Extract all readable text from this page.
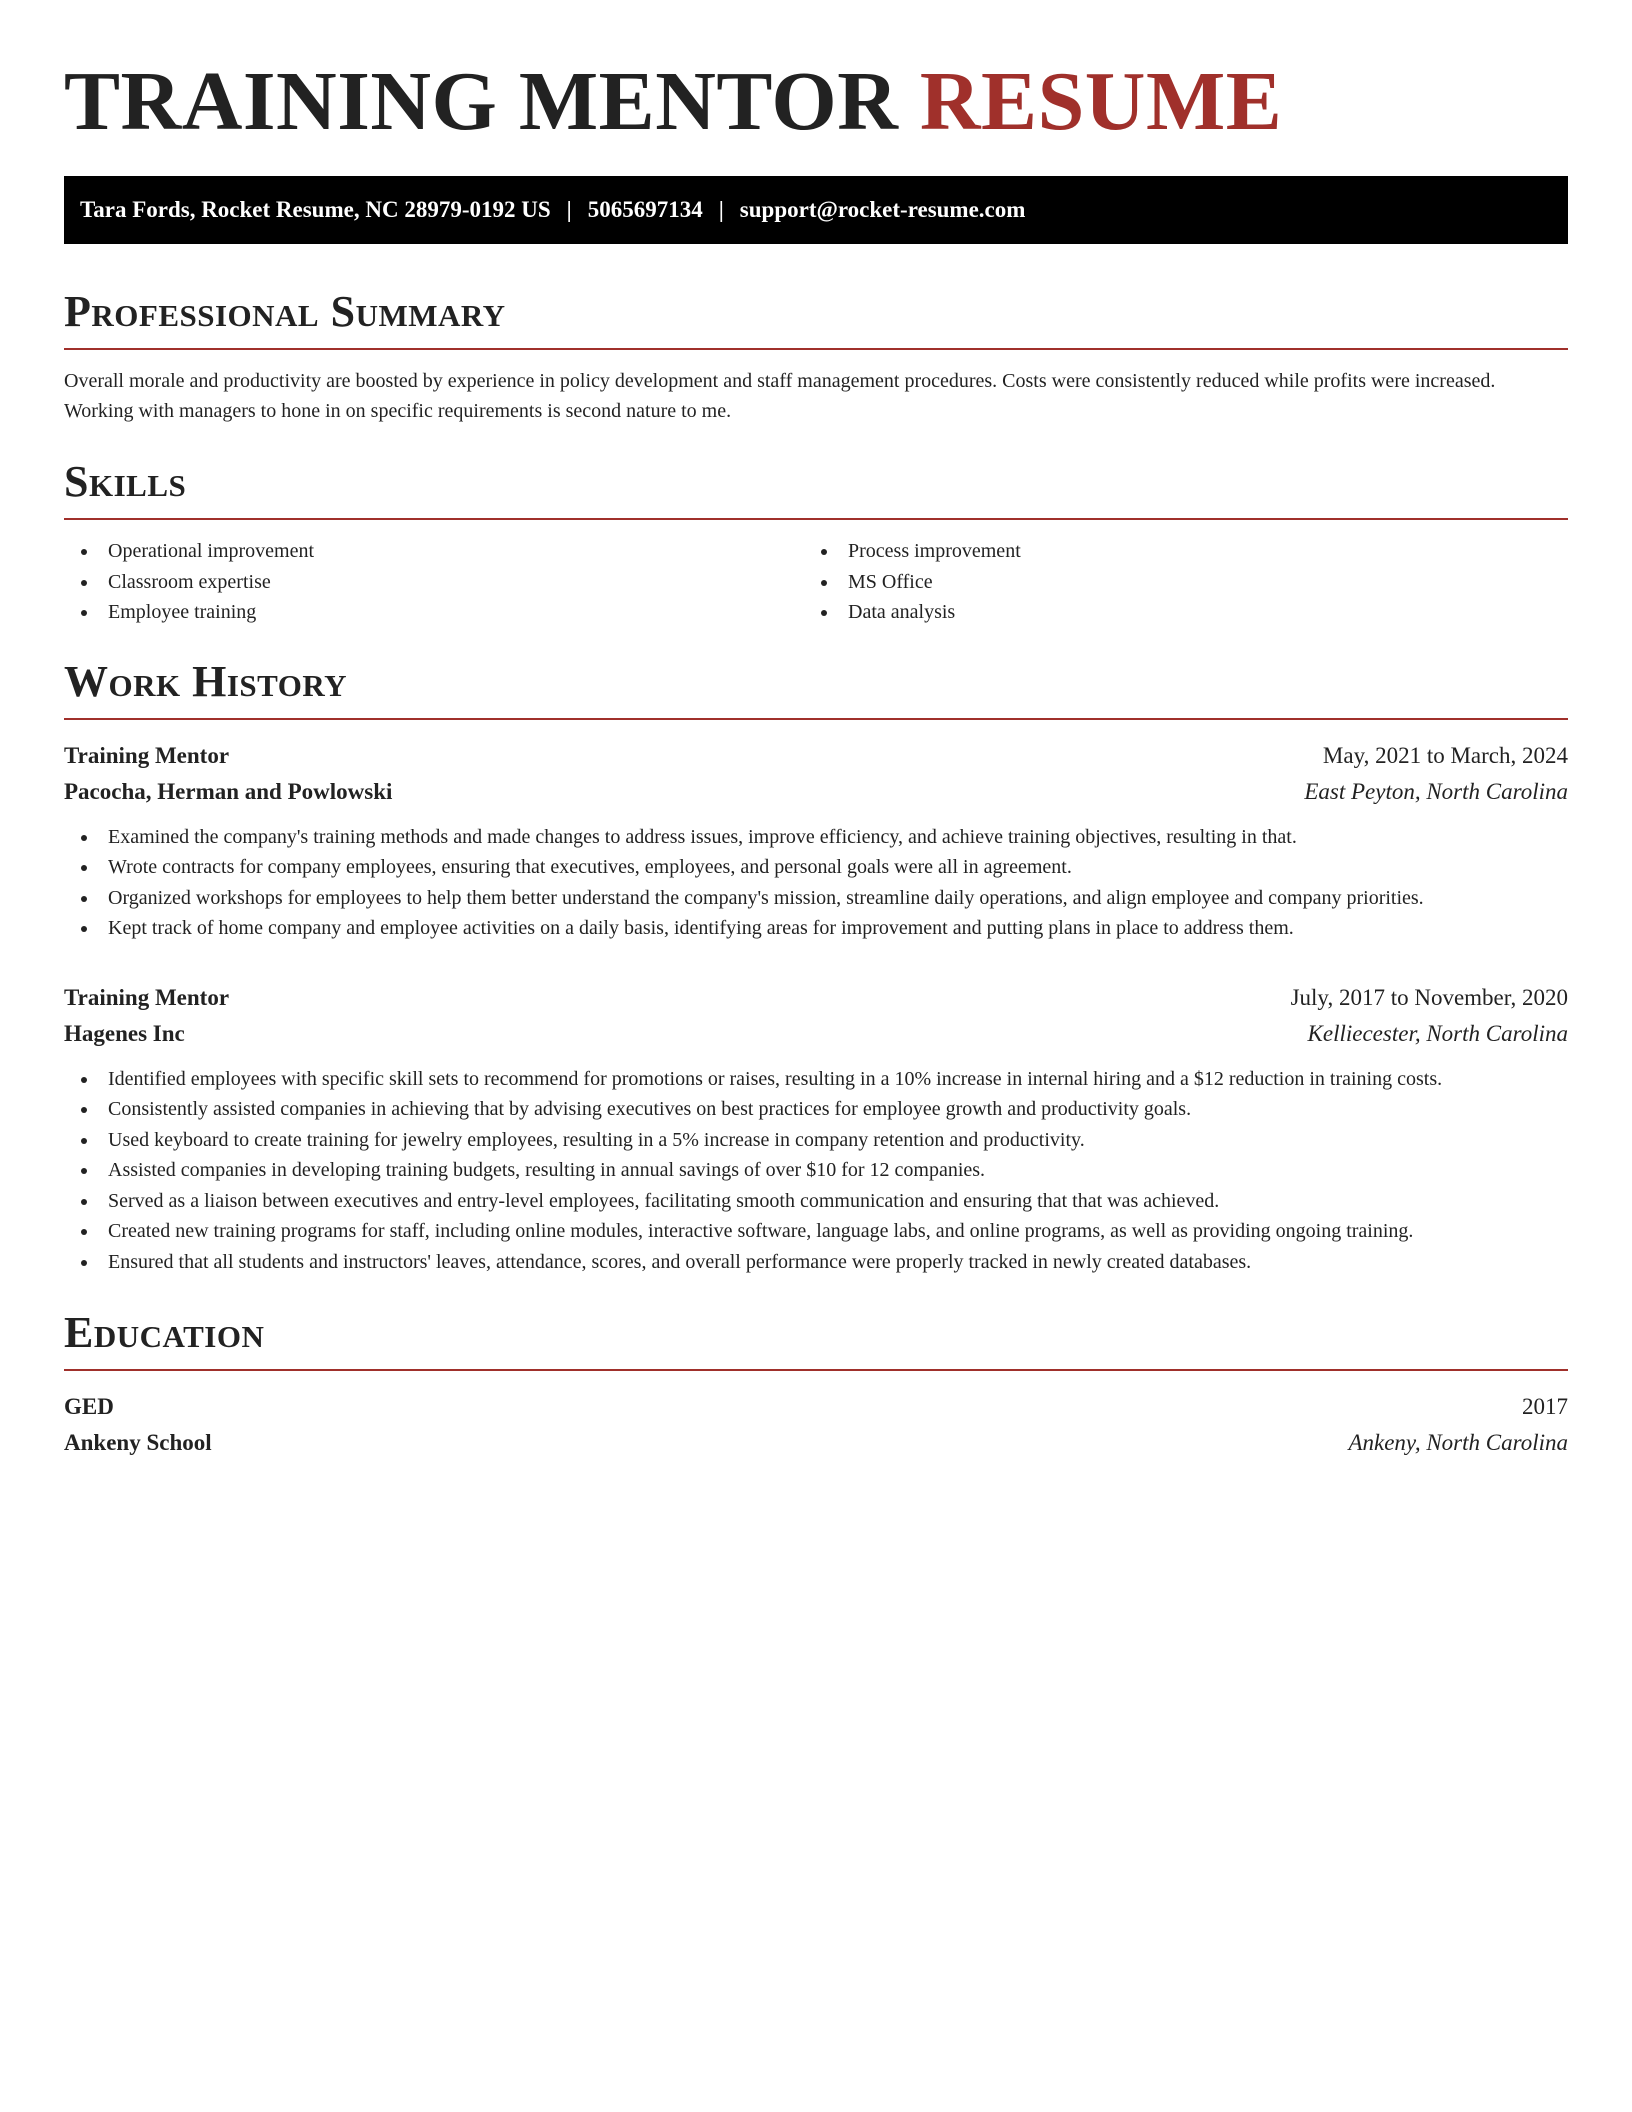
TRAINING MENTOR RESUME
Tara Fords, Rocket Resume, NC 28979-0192 US | 5065697134 | support@rocket-resume.com
Professional Summary

Overall morale and productivity are boosted by experience in policy development and staff management procedures. Costs were consistently reduced while profits were increased. Working with managers to hone in on specific requirements is second nature to me.

Skills
Operational improvement
Classroom expertise
Employee training
Process improvement
MS Office
Data analysis
Work History
Training Mentor	May, 2021 to March, 2024
Pacocha, Herman and Powlowski	East Peyton, North Carolina
Examined the company's training methods and made changes to address issues, improve efficiency, and achieve training objectives, resulting in that.
Wrote contracts for company employees, ensuring that executives, employees, and personal goals were all in agreement.
Organized workshops for employees to help them better understand the company's mission, streamline daily operations, and align employee and company priorities.
Kept track of home company and employee activities on a daily basis, identifying areas for improvement and putting plans in place to address them.
Training Mentor	July, 2017 to November, 2020
Hagenes Inc	Kelliecester, North Carolina
Identified employees with specific skill sets to recommend for promotions or raises, resulting in a 10% increase in internal hiring and a $12 reduction in training costs.
Consistently assisted companies in achieving that by advising executives on best practices for employee growth and productivity goals.
Used keyboard to create training for jewelry employees, resulting in a 5% increase in company retention and productivity.
Assisted companies in developing training budgets, resulting in annual savings of over $10 for 12 companies.
Served as a liaison between executives and entry-level employees, facilitating smooth communication and ensuring that that was achieved.
Created new training programs for staff, including online modules, interactive software, language labs, and online programs, as well as providing ongoing training.
Ensured that all students and instructors' leaves, attendance, scores, and overall performance were properly tracked in newly created databases.
Education
GED	2017
Ankeny School	Ankeny, North Carolina
